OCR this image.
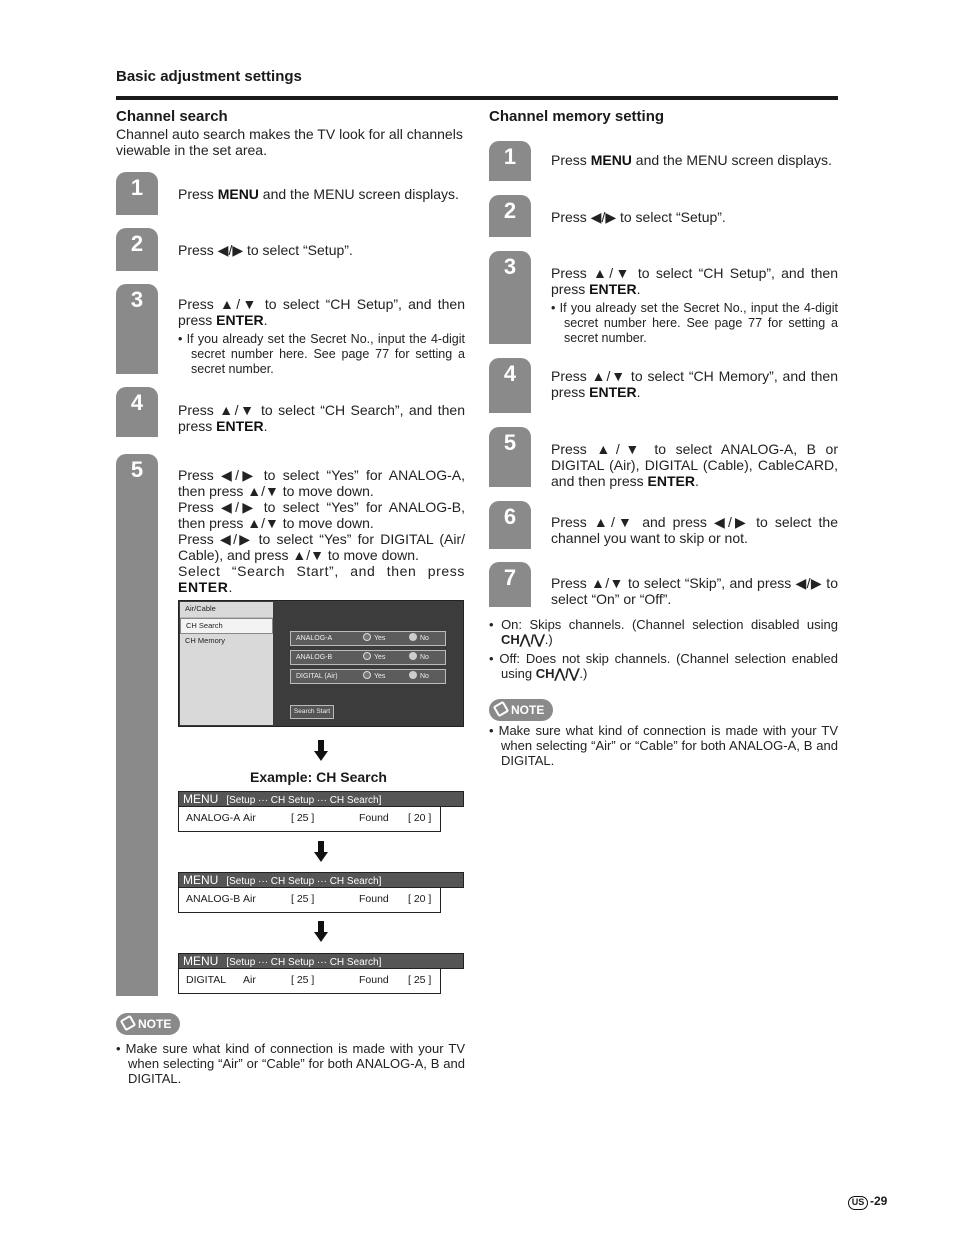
Basic adjustment settings
Channel search
Channel auto search makes the TV look for all channels viewable in the set area.
1	Press MENU and the MENU screen displays.
2	Press ◀/▶ to select “Setup”.
3	Press ▲/▼ to select “CH Setup”, and then press ENTER.
• If you already set the Secret No., input the 4-digit secret number here. See page 77 for setting a secret number.
4	Press ▲/▼ to select “CH Search”, and then press ENTER.
5	Press ◀/▶ to select “Yes” for ANALOG-A, then press ▲/▼ to move down.
Press ◀/▶ to select “Yes” for ANALOG-B, then press ▲/▼ to move down.
Press ◀/▶ to select “Yes” for DIGITAL (Air/ Cable), and press ▲/▼ to move down.
Select “Search Start”, and then press ENTER.
Air/Cable
CH Search
CH Memory	ANALOG-A	Yes	No
ANALOG-B	Yes	No
DIGITAL (Air)	Yes	No
Search Start
Example: CH Search
MENU [Setup ··· CH Setup ··· CH Search]
ANALOG-A Air	[ 25 ]	Found [ 20 ]
MENU [Setup ··· CH Setup ··· CH Search]
ANALOG-B Air	[ 25 ]	Found [ 20 ]
MENU [Setup ··· CH Setup ··· CH Search]
DIGITAL Air	[ 25 ]	Found [ 25 ]
NOTE
• Make sure what kind of connection is made with your TV when selecting “Air” or “Cable” for both ANALOG-A, B and DIGITAL.
Channel memory setting
1	Press MENU and the MENU screen displays.
2	Press ◀/▶ to select “Setup”.
3	Press ▲/▼ to select “CH Setup”, and then press ENTER.
• If you already set the Secret No., input the 4-digit secret number here. See page 77 for setting a secret number.
4	Press ▲/▼ to select “CH Memory”, and then press ENTER.
5	Press ▲/▼ to select ANALOG-A, B or DIGITAL (Air), DIGITAL (Cable), CableCARD, and then press ENTER.
6	Press ▲/▼ and press ◀/▶ to select the channel you want to skip or not.
7	Press ▲/▼ to select “Skip”, and press ◀/▶ to select “On” or “Off”.
• On: Skips channels. (Channel selection disabled using CH⋀/⋁.)
• Off: Does not skip channels. (Channel selection enabled using CH⋀/⋁.)
NOTE
• Make sure what kind of connection is made with your TV when selecting “Air” or “Cable” for both ANALOG-A, B and DIGITAL.
US -29
